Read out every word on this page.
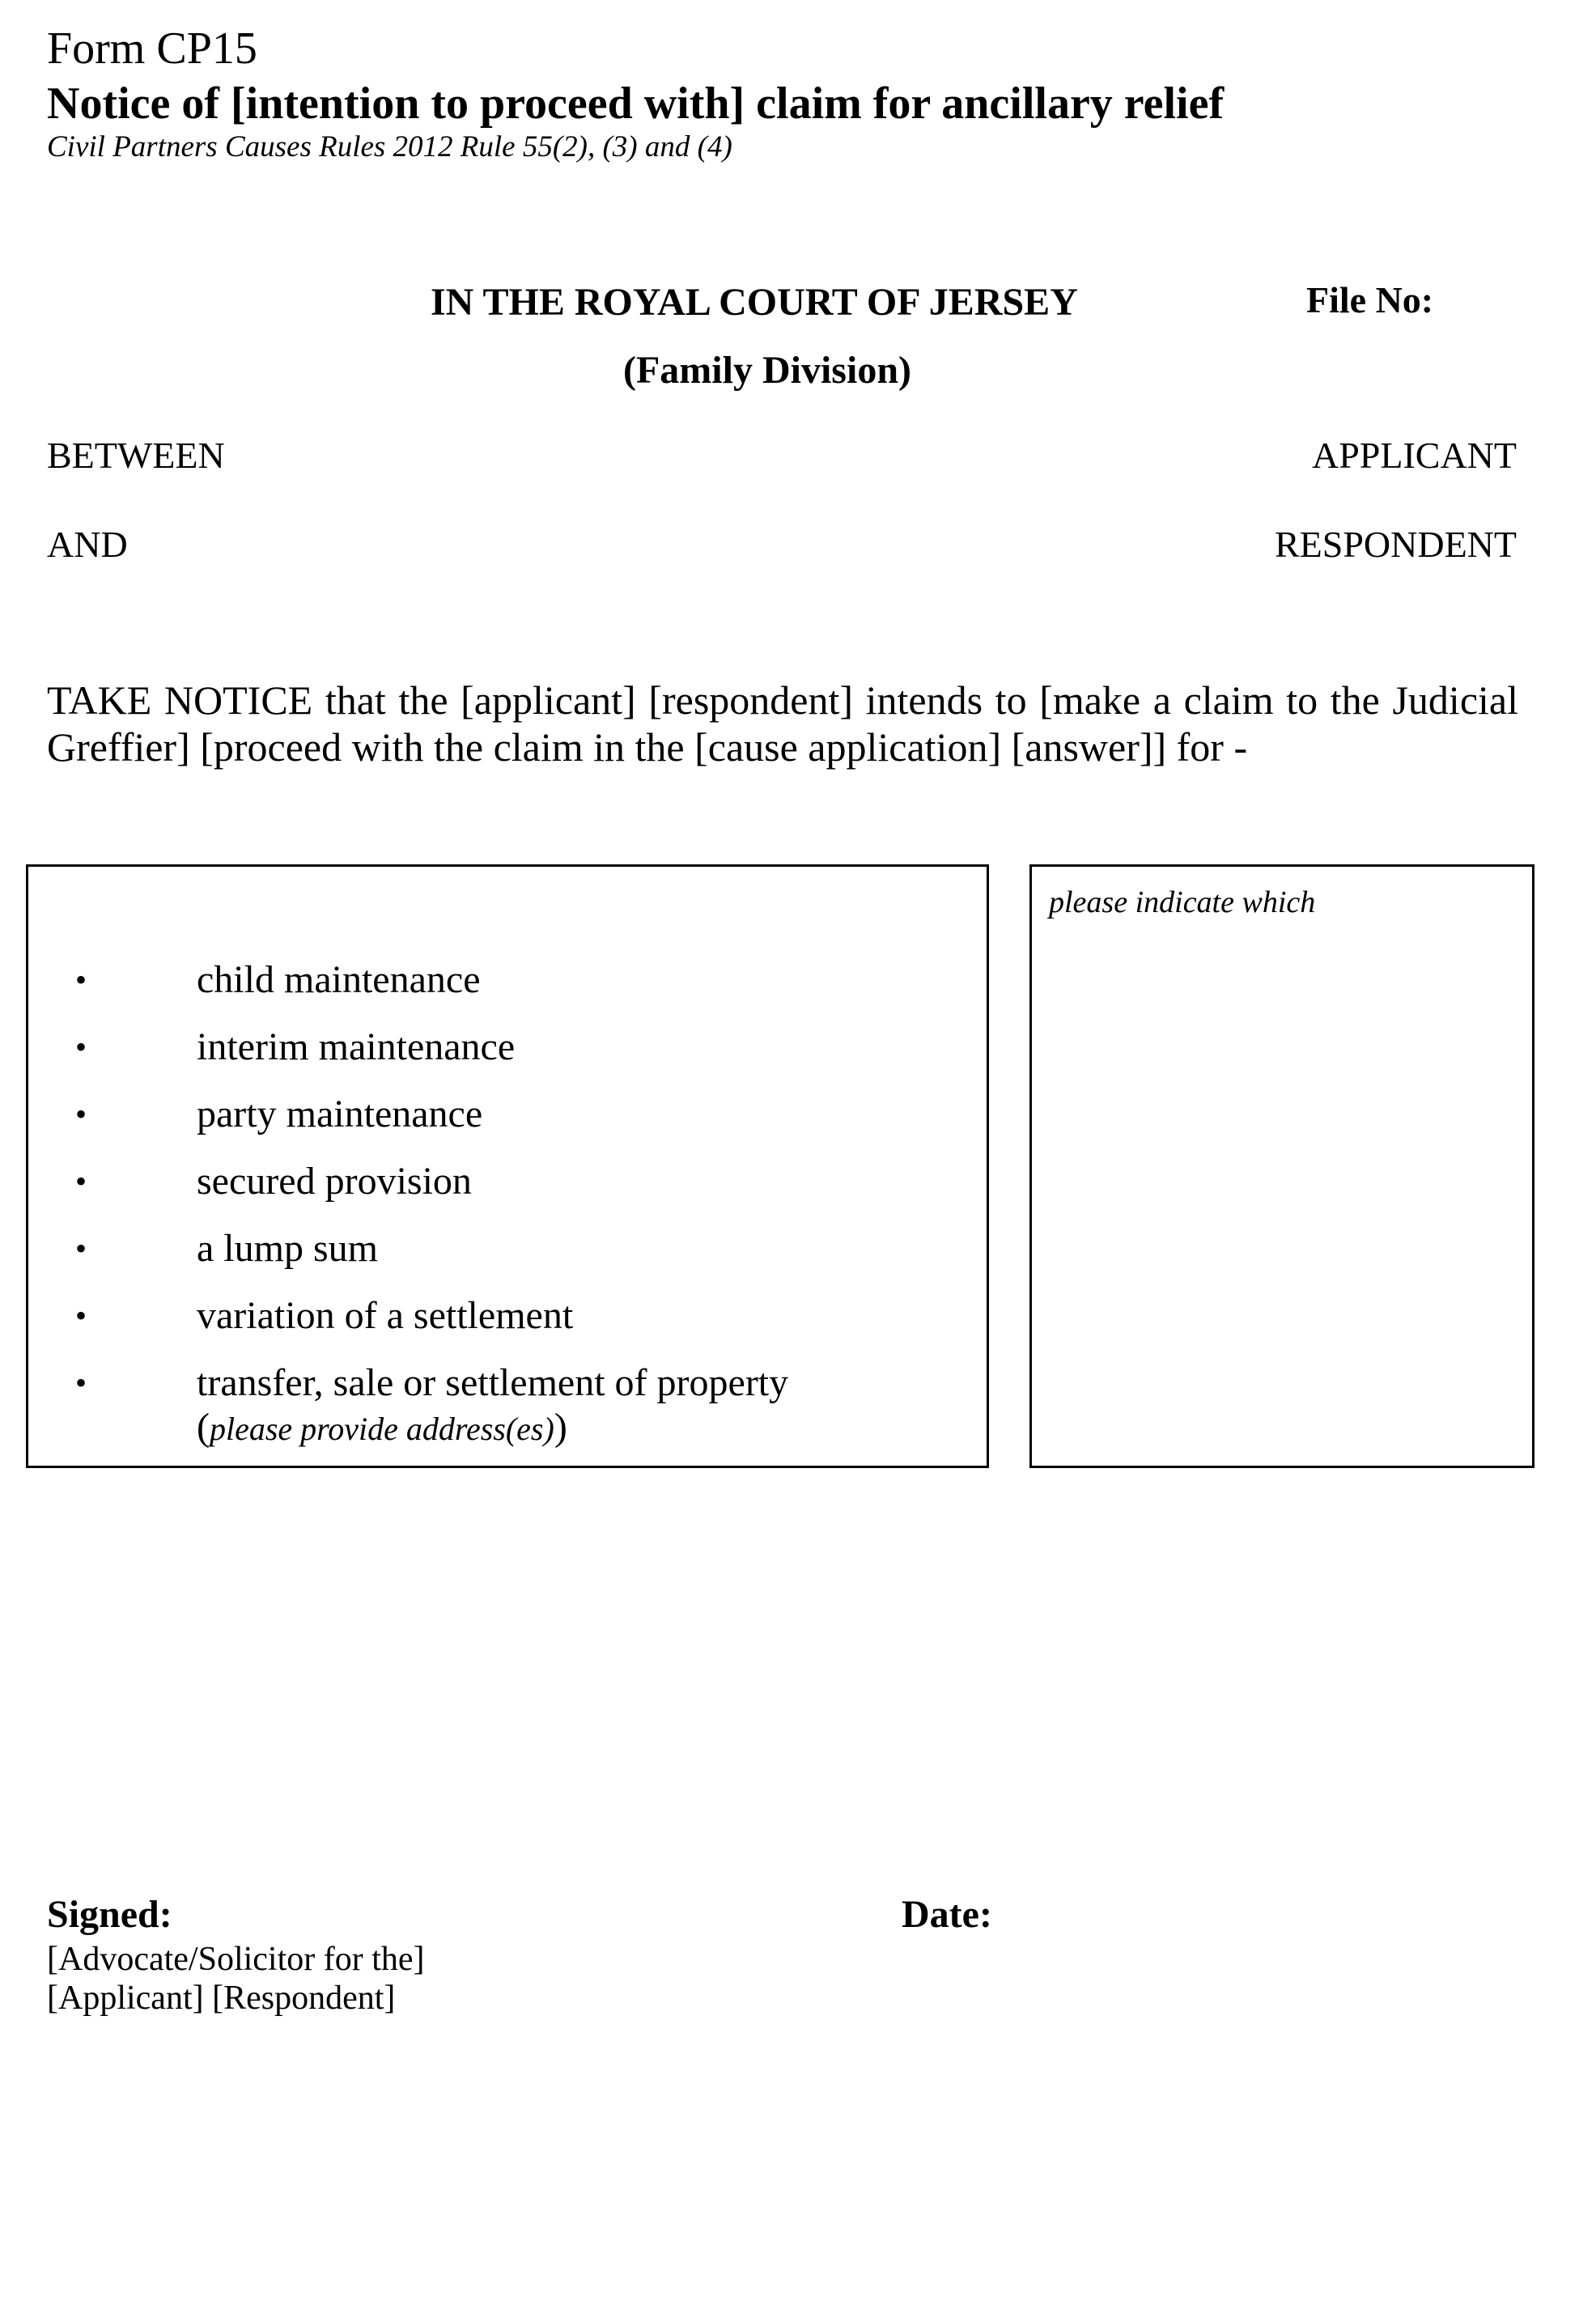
Form CP15
Notice of [intention to proceed with] claim for ancillary relief
Civil Partners Causes Rules 2012 Rule 55(2), (3) and (4)
IN THE ROYAL COURT OF JERSEY
(Family Division)
File No:
BETWEEN	APPLICANT
AND	RESPONDENT
TAKE NOTICE that the [applicant] [respondent] intends to [make a claim to the Judicial Greffier] [proceed with the claim in the [cause application] [answer]] for -
•	child maintenance
•	interim maintenance
•	party maintenance
•	secured provision
•	a lump sum
•	variation of a settlement
•	transfer, sale or settlement of property
(please provide address(es))
please indicate which
Signed:
[Advocate/Solicitor for the]
[Applicant] [Respondent]
Date:
